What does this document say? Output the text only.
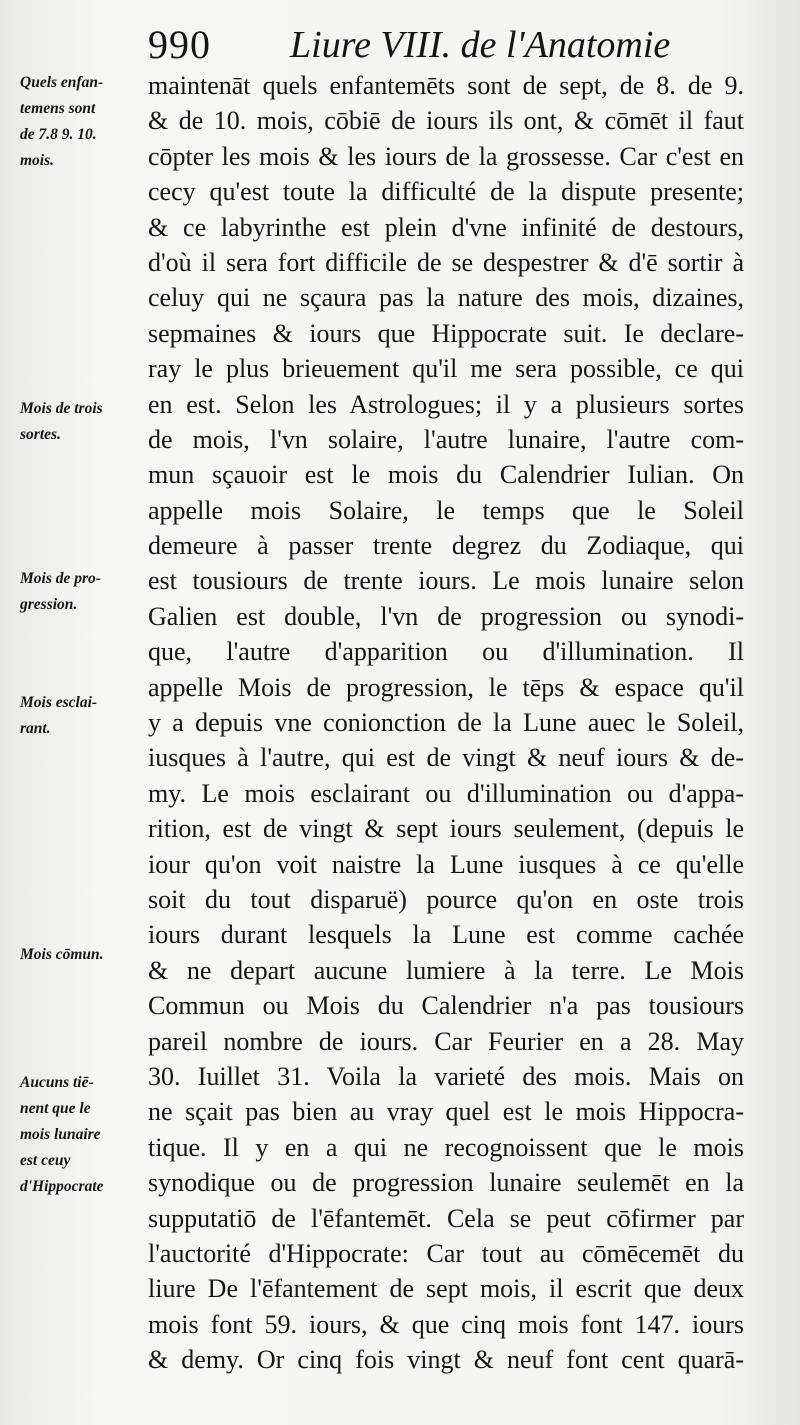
990 Liure VIII. de l'Anatomie
Quels enfan-
temens sont
de 7.8 9. 10.
mois.
Mois de trois
sortes.
Mois de pro-
gression.
Mois esclai-
rant.
Mois cōmun.
Aucuns tiē-
nent que le
mois lunaire
est ceuy
d'Hippocrate
maintenāt quels enfantemēts sont de sept, de 8. de 9.
& de 10. mois, cōbiē de iours ils ont, & cōmēt il faut
cōpter les mois & les iours de la grossesse. Car c'est en
cecy qu'est toute la difficulté de la dispute presente;
& ce labyrinthe est plein d'vne infinité de destours,
d'où il sera fort difficile de se despestrer & d'ē sortir à
celuy qui ne sçaura pas la nature des mois, dizaines,
sepmaines & iours que Hippocrate suit. Ie declare-
ray le plus brieuement qu'il me sera possible, ce qui
en est. Selon les Astrologues; il y a plusieurs sortes
de mois, l'vn solaire, l'autre lunaire, l'autre com-
mun sçauoir est le mois du Calendrier Iulian. On
appelle mois Solaire, le temps que le Soleil
demeure à passer trente degrez du Zodiaque, qui
est tousiours de trente iours. Le mois lunaire selon
Galien est double, l'vn de progression ou synodi-
que, l'autre d'apparition ou d'illumination. Il
appelle Mois de progression, le tēps & espace qu'il
y a depuis vne conionction de la Lune auec le Soleil,
iusques à l'autre, qui est de vingt & neuf iours & de-
my. Le mois esclairant ou d'illumination ou d'appa-
rition, est de vingt & sept iours seulement, (depuis le
iour qu'on voit naistre la Lune iusques à ce qu'elle
soit du tout disparuë) pource qu'on en oste trois
iours durant lesquels la Lune est comme cachée
& ne depart aucune lumiere à la terre. Le Mois
Commun ou Mois du Calendrier n'a pas tousiours
pareil nombre de iours. Car Feurier en a 28. May
30. Iuillet 31. Voila la varieté des mois. Mais on
ne sçait pas bien au vray quel est le mois Hippocra-
tique. Il y en a qui ne recognoissent que le mois
synodique ou de progression lunaire seulemēt en la
supputatiō de l'ēfantemēt. Cela se peut cōfirmer par
l'auctorité d'Hippocrate: Car tout au cōmēcemēt du
liure De l'ēfantement de sept mois, il escrit que deux
mois font 59. iours, & que cinq mois font 147. iours
& demy. Or cinq fois vingt & neuf font cent quarā-
